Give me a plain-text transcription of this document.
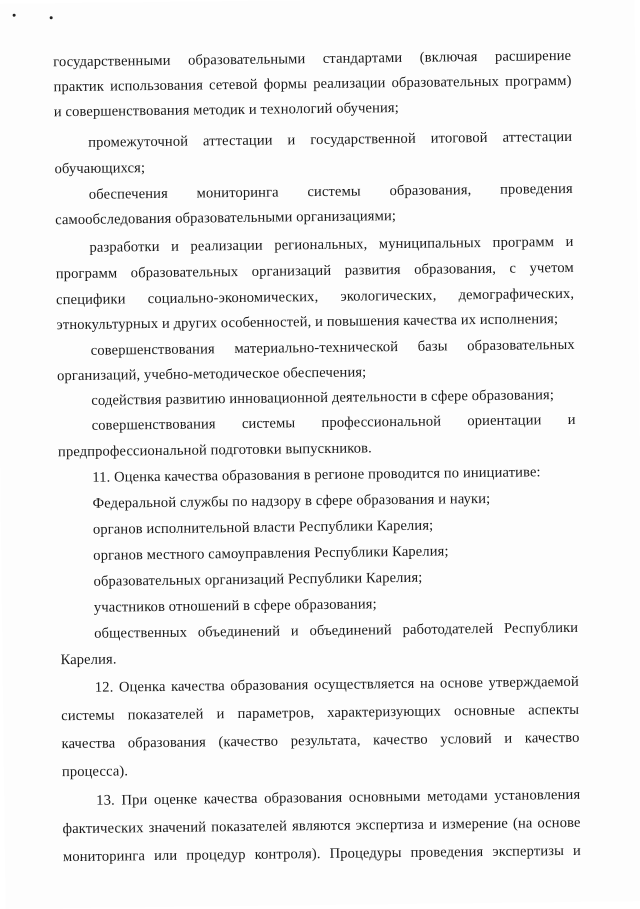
государственными образовательными стандартами (включая расширение
практик использования сетевой формы реализации образовательных программ)
и совершенствования методик и технологий обучения;
промежуточной аттестации и государственной итоговой аттестации
обучающихся;
обеспечения мониторинга системы образования, проведения
самообследования образовательными организациями;
разработки и реализации региональных, муниципальных программ и
программ образовательных организаций развития образования, с учетом
специфики социально-экономических, экологических, демографических,
этнокультурных и других особенностей, и повышения качества их исполнения;
совершенствования материально-технической базы образовательных
организаций, учебно-методическое обеспечения;
содействия развитию инновационной деятельности в сфере образования;
совершенствования системы профессиональной ориентации и
предпрофессиональной подготовки выпускников.
11. Оценка качества образования в регионе проводится по инициативе:
Федеральной службы по надзору в сфере образования и науки;
органов исполнительной власти Республики Карелия;
органов местного самоуправления Республики Карелия;
образовательных организаций Республики Карелия;
участников отношений в сфере образования;
общественных объединений и объединений работодателей Республики
Карелия.
12. Оценка качества образования осуществляется на основе утверждаемой
системы показателей и параметров, характеризующих основные аспекты
качества образования (качество результата, качество условий и качество
процесса).
13. При оценке качества образования основными методами установления
фактических значений показателей являются экспертиза и измерение (на основе
мониторинга или процедур контроля). Процедуры проведения экспертизы и
